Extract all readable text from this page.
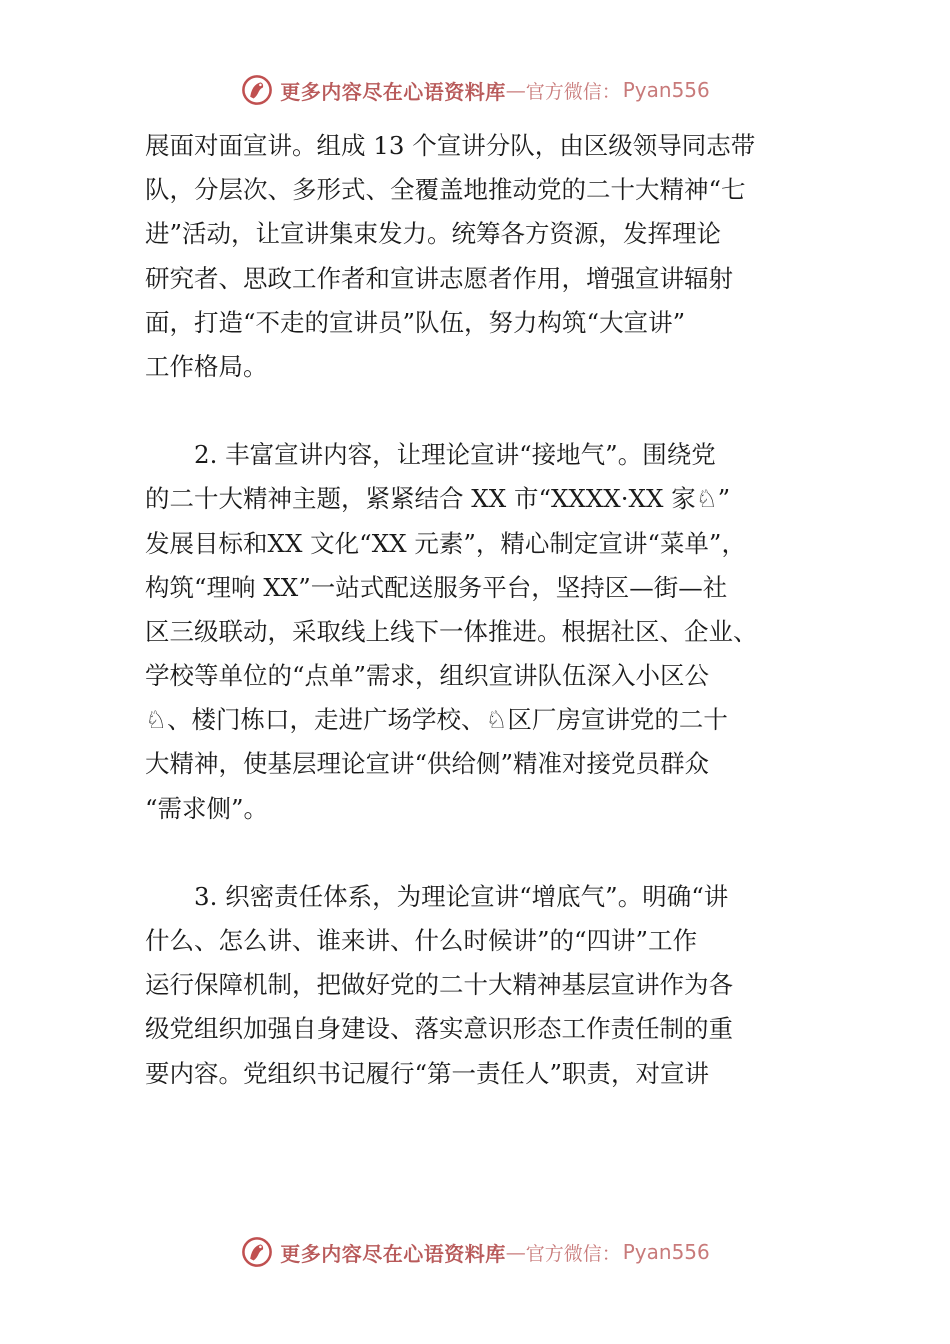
更多内容尽在心语资料库 — 官方微信： Pyan556
展面对面宣讲。组成 13 个宣讲分队，由区级领导同志带
队，分层次、多形式、全覆盖地推动党的二十大精神“七
进”活动，让宣讲集束发力。统筹各方资源，发挥理论
研究者、思政工作者和宣讲志愿者作用，增强宣讲辐射
面，打造“不走的宣讲员”队伍，努力构筑“大宣讲”
工作格局。
　　2. 丰富宣讲内容，让理论宣讲“接地气”。围绕党
的二十大精神主题，紧紧结合 XX 市“XXXX·XX 家♘”
发展目标和XX 文化“XX 元素”，精心制定宣讲“菜单”，
构筑“理响 XX”一站式配送服务平台，坚持区—街—社
区三级联动，采取线上线下一体推进。根据社区、企业、
学校等单位的“点单”需求，组织宣讲队伍深入小区公
♘、楼门栋口，走进广场学校、♘区厂房宣讲党的二十
大精神，使基层理论宣讲“供给侧”精准对接党员群众
“需求侧”。
　　3. 织密责任体系，为理论宣讲“增底气”。明确“讲
什么、怎么讲、谁来讲、什么时候讲”的“四讲”工作
运行保障机制，把做好党的二十大精神基层宣讲作为各
级党组织加强自身建设、落实意识形态工作责任制的重
要内容。党组织书记履行“第一责任人”职责，对宣讲
更多内容尽在心语资料库 — 官方微信： Pyan556
